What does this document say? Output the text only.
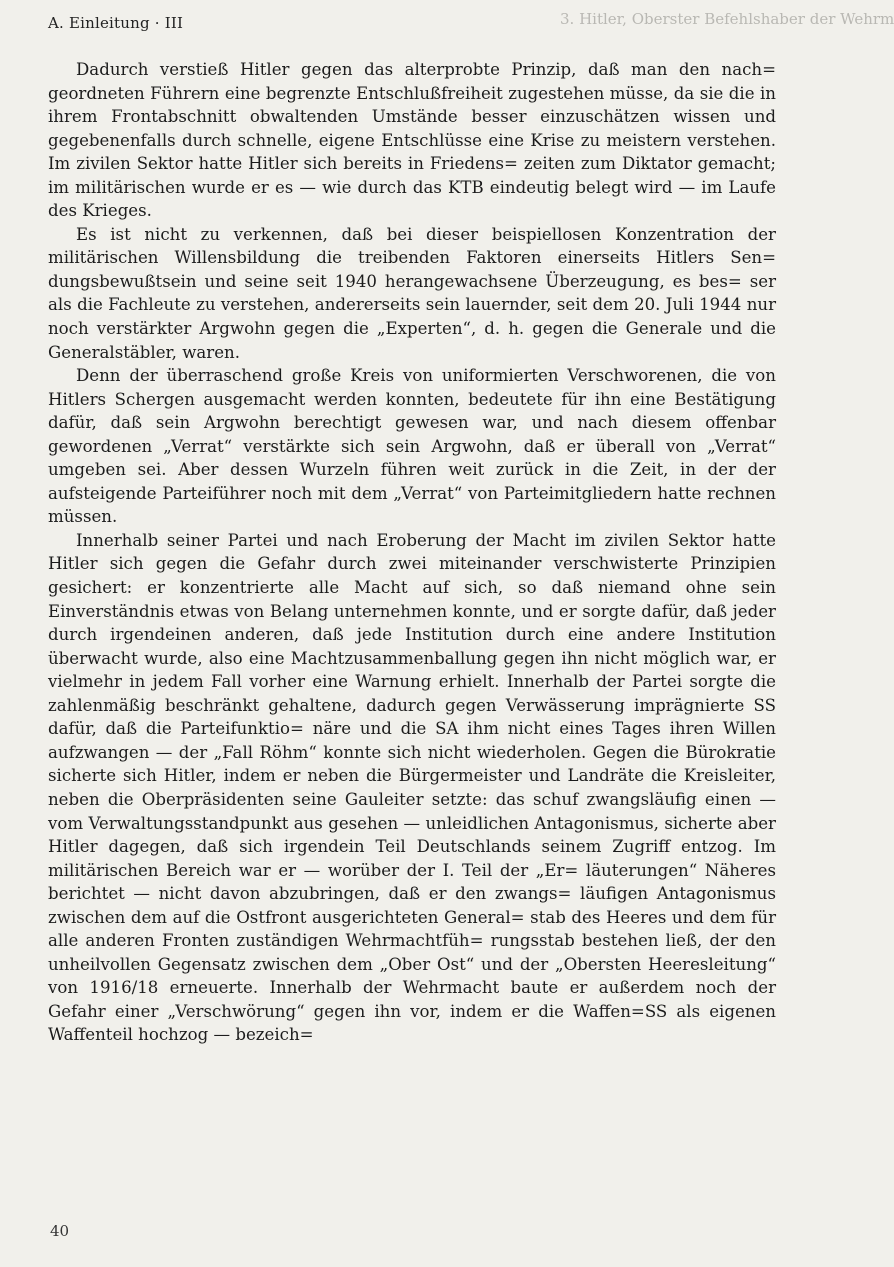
3. Hitler, Oberster Befehlshaber der Wehrm
A. Einleitung · III

Dadurch verstieß Hitler gegen das alterprobte Prinzip, daß man den nach= geordneten Führern eine begrenzte Entschlußfreiheit zugestehen müsse, da sie die in ihrem Frontabschnitt obwaltenden Umstände besser einzuschätzen wissen und gegebenenfalls durch schnelle, eigene Entschlüsse eine Krise zu meistern verstehen. Im zivilen Sektor hatte Hitler sich bereits in Friedens= zeiten zum Diktator gemacht; im militärischen wurde er es — wie durch das KTB eindeutig belegt wird — im Laufe des Krieges.

Es ist nicht zu verkennen, daß bei dieser beispiellosen Konzentration der militärischen Willensbildung die treibenden Faktoren einerseits Hitlers Sen= dungsbewußtsein und seine seit 1940 herangewachsene Überzeugung, es bes= ser als die Fachleute zu verstehen, andererseits sein lauernder, seit dem 20. Juli 1944 nur noch verstärkter Argwohn gegen die „Experten“, d. h. gegen die Generale und die Generalstäbler, waren.

Denn der überraschend große Kreis von uniformierten Verschworenen, die von Hitlers Schergen ausgemacht werden konnten, bedeutete für ihn eine Bestätigung dafür, daß sein Argwohn berechtigt gewesen war, und nach diesem offenbar gewordenen „Verrat“ verstärkte sich sein Argwohn, daß er überall von „Verrat“ umgeben sei. Aber dessen Wurzeln führen weit zurück in die Zeit, in der der aufsteigende Parteiführer noch mit dem „Verrat“ von Parteimitgliedern hatte rechnen müssen.

Innerhalb seiner Partei und nach Eroberung der Macht im zivilen Sektor hatte Hitler sich gegen die Gefahr durch zwei miteinander verschwisterte Prinzipien gesichert: er konzentrierte alle Macht auf sich, so daß niemand ohne sein Einverständnis etwas von Belang unternehmen konnte, und er sorgte dafür, daß jeder durch irgendeinen anderen, daß jede Institution durch eine andere Institution überwacht wurde, also eine Machtzusammenballung gegen ihn nicht möglich war, er vielmehr in jedem Fall vorher eine Warnung erhielt. Innerhalb der Partei sorgte die zahlenmäßig beschränkt gehaltene, dadurch gegen Verwässerung imprägnierte SS dafür, daß die Parteifunktio= näre und die SA ihm nicht eines Tages ihren Willen aufzwangen — der „Fall Röhm“ konnte sich nicht wiederholen. Gegen die Bürokratie sicherte sich Hitler, indem er neben die Bürgermeister und Landräte die Kreisleiter, neben die Oberpräsidenten seine Gauleiter setzte: das schuf zwangsläufig einen — vom Verwaltungsstandpunkt aus gesehen — unleidlichen Antagonismus, sicherte aber Hitler dagegen, daß sich irgendein Teil Deutschlands seinem Zugriff entzog. Im militärischen Bereich war er — worüber der I. Teil der „Er= läuterungen“ Näheres berichtet — nicht davon abzubringen, daß er den zwangs= läufigen Antagonismus zwischen dem auf die Ostfront ausgerichteten General= stab des Heeres und dem für alle anderen Fronten zuständigen Wehrmachtfüh= rungsstab bestehen ließ, der den unheilvollen Gegensatz zwischen dem „Ober Ost“ und der „Obersten Heeresleitung“ von 1916/18 erneuerte. Innerhalb der Wehrmacht baute er außerdem noch der Gefahr einer „Verschwörung“ gegen ihn vor, indem er die Waffen=SS als eigenen Waffenteil hochzog — bezeich=

40
